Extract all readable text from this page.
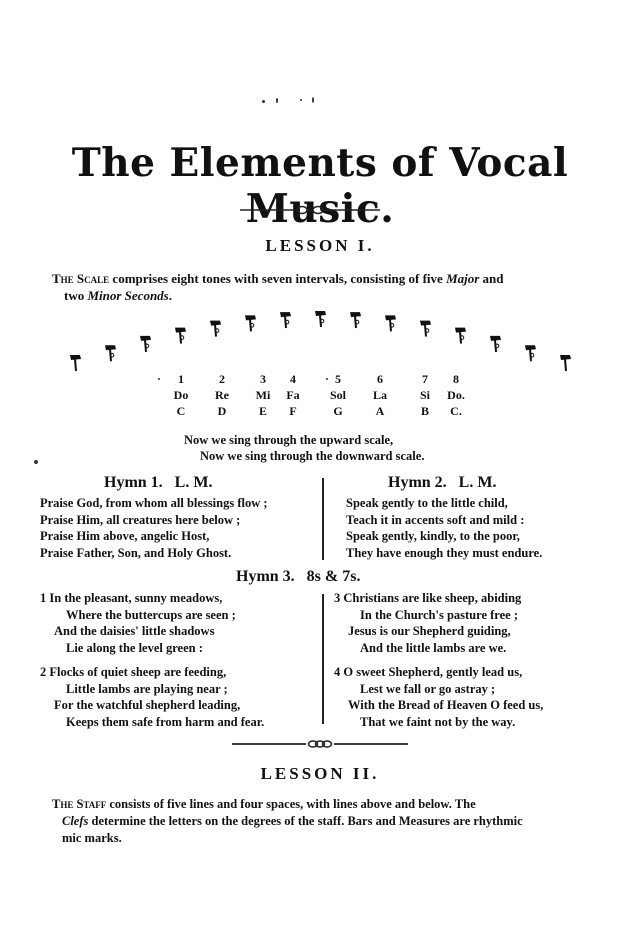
The Elements of Vocal Music.
LESSON I.
The Scale comprises eight tones with seven intervals, consisting of five Major and
two Minor Seconds.
1
Do
C
2
Re
D
3
Mi
E
4
Fa
F
5
Sol
G
6
La
A
7
Si
B
8
Do.
C.
Now we sing through the upward scale,
Now we sing through the downward scale.
Hymn 1.   L. M.
Praise God, from whom all blessings flow ;
Praise Him, all creatures here below ;
Praise Him above, angelic Host,
Praise Father, Son, and Holy Ghost.
Hymn 2.   L. M.
Speak gently to the little child,
Teach it in accents soft and mild :
Speak gently, kindly, to the poor,
They have enough they must endure.
Hymn 3.   8s & 7s.
1 In the pleasant, sunny meadows,
Where the buttercups are seen ;
And the daisies' little shadows
Lie along the level green :
2 Flocks of quiet sheep are feeding,
Little lambs are playing near ;
For the watchful shepherd leading,
Keeps them safe from harm and fear.
3 Christians are like sheep, abiding
In the Church's pasture free ;
Jesus is our Shepherd guiding,
And the little lambs are we.
4 O sweet Shepherd, gently lead us,
Lest we fall or go astray ;
With the Bread of Heaven O feed us,
That we faint not by the way.
LESSON II.
The Staff consists of five lines and four spaces, with lines above and below. The
Clefs determine the letters on the degrees of the staff. Bars and Measures are rhythmic
mic marks.
